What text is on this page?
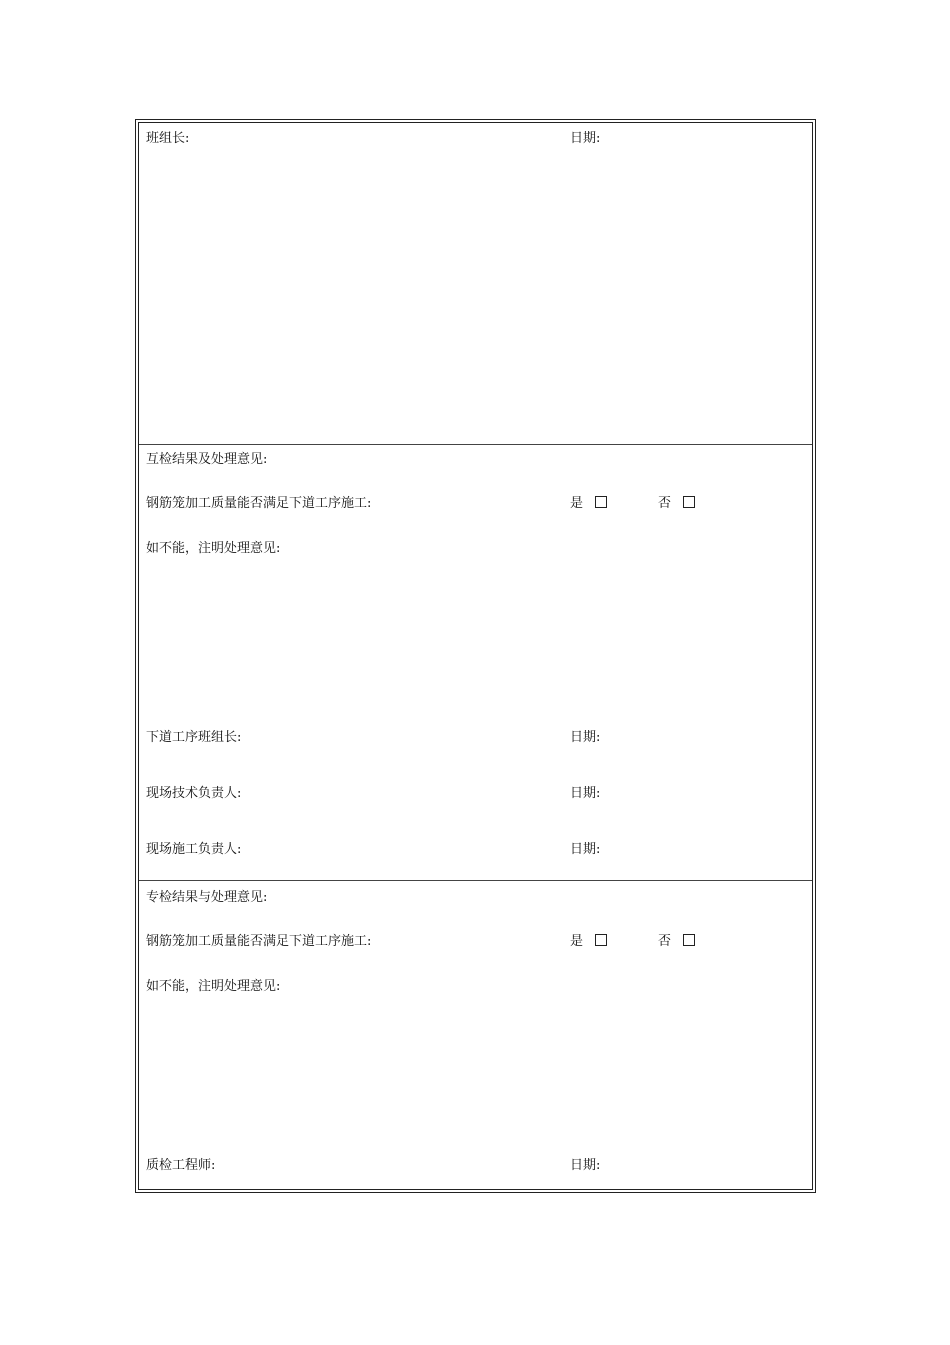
班组长:	日期:
互检结果及处理意见:
钢筋笼加工质量能否满足下道工序施工:	是	否
如不能，注明处理意见:
下道工序班组长:	日期:
现场技术负责人:	日期:
现场施工负责人:	日期:
专检结果与处理意见:
钢筋笼加工质量能否满足下道工序施工:	是	否
如不能，注明处理意见:
质检工程师:	日期:
